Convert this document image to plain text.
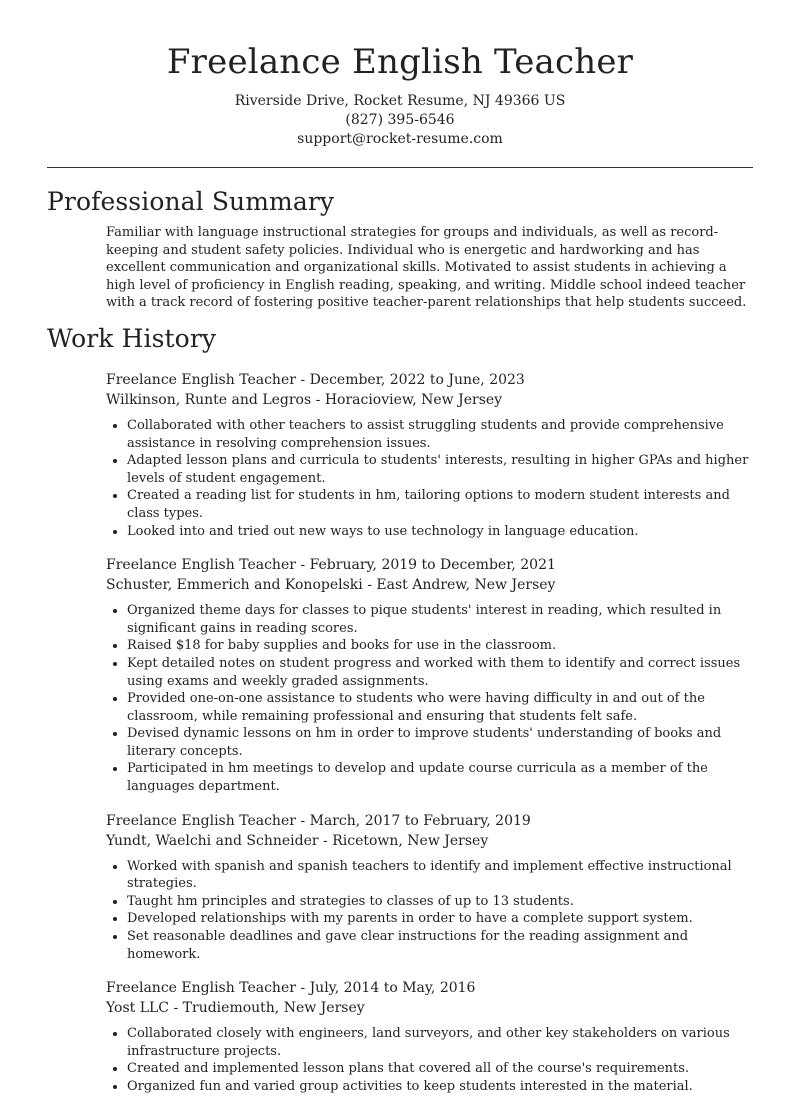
Freelance English Teacher
Riverside Drive, Rocket Resume, NJ 49366 US
(827) 395-6546
support@rocket-resume.com
Professional Summary

Familiar with language instructional strategies for groups and individuals, as well as record-keeping and student safety policies. Individual who is energetic and hardworking and has excellent communication and organizational skills. Motivated to assist students in achieving a high level of proficiency in English reading, speaking, and writing. Middle school indeed teacher with a track record of fostering positive teacher-parent relationships that help students succeed.

Work History
Freelance English Teacher - December, 2022 to June, 2023
Wilkinson, Runte and Legros - Horacioview, New Jersey
• Collaborated with other teachers to assist struggling students and provide comprehensive assistance in resolving comprehension issues.
• Adapted lesson plans and curricula to students' interests, resulting in higher GPAs and higher levels of student engagement.
• Created a reading list for students in hm, tailoring options to modern student interests and class types.
• Looked into and tried out new ways to use technology in language education.
Freelance English Teacher - February, 2019 to December, 2021
Schuster, Emmerich and Konopelski - East Andrew, New Jersey
• Organized theme days for classes to pique students' interest in reading, which resulted in significant gains in reading scores.
• Raised $18 for baby supplies and books for use in the classroom.
• Kept detailed notes on student progress and worked with them to identify and correct issues using exams and weekly graded assignments.
• Provided one-on-one assistance to students who were having difficulty in and out of the classroom, while remaining professional and ensuring that students felt safe.
• Devised dynamic lessons on hm in order to improve students' understanding of books and literary concepts.
• Participated in hm meetings to develop and update course curricula as a member of the languages department.
Freelance English Teacher - March, 2017 to February, 2019
Yundt, Waelchi and Schneider - Ricetown, New Jersey
• Worked with spanish and spanish teachers to identify and implement effective instructional strategies.
• Taught hm principles and strategies to classes of up to 13 students.
• Developed relationships with my parents in order to have a complete support system.
• Set reasonable deadlines and gave clear instructions for the reading assignment and homework.
Freelance English Teacher - July, 2014 to May, 2016
Yost LLC - Trudiemouth, New Jersey
• Collaborated closely with engineers, land surveyors, and other key stakeholders on various infrastructure projects.
• Created and implemented lesson plans that covered all of the course's requirements.
• Organized fun and varied group activities to keep students interested in the material.
